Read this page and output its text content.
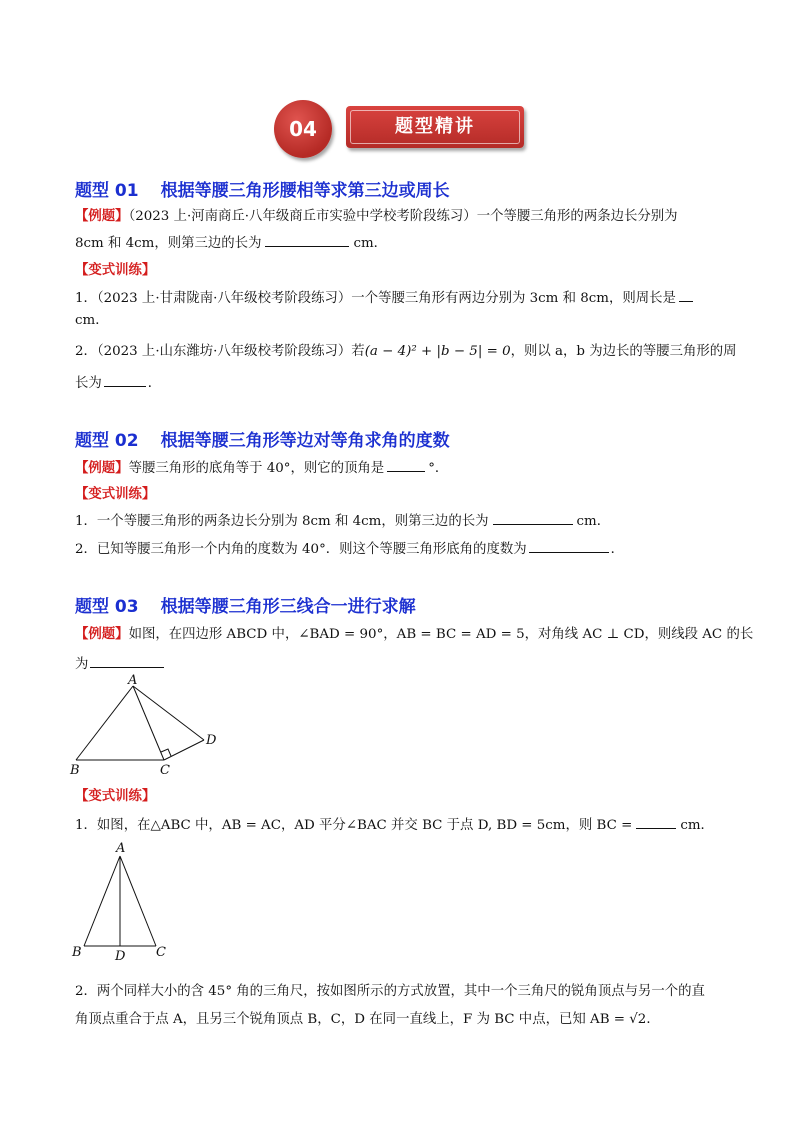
04	题型精讲
题型 01 根据等腰三角形腰相等求第三边或周长
【例题】（2023 上·河南商丘·八年级商丘市实验中学校考阶段练习）一个等腰三角形的两条边长分别为
8cm 和 4cm，则第三边的长为	cm．
【变式训练】
1．（2023 上·甘肃陇南·八年级校考阶段练习）一个等腰三角形有两边分别为 3cm 和 8cm，则周长是
cm．
2．（2023 上·山东潍坊·八年级校考阶段练习）若(a − 4)² + |b − 5| = 0，则以 a，b 为边长的等腰三角形的周
长为	．
题型 02 根据等腰三角形等边对等角求角的度数
【例题】等腰三角形的底角等于 40°，则它的顶角是	°．
【变式训练】
1．一个等腰三角形的两条边长分别为 8cm 和 4cm，则第三边的长为	cm．
2．已知等腰三角形一个内角的度数为 40°．则这个等腰三角形底角的度数为	．
题型 03 根据等腰三角形三线合一进行求解
【例题】如图，在四边形 ABCD 中，∠BAD = 90°，AB = BC = AD = 5，对角线 AC ⊥ CD，则线段 AC 的长
为
A
B	C
D
【变式训练】
1．如图，在△ABC 中，AB = AC，AD 平分∠BAC 并交 BC 于点 D, BD = 5cm，则 BC =	cm．
A
B	D C
2．两个同样大小的含 45° 角的三角尺，按如图所示的方式放置，其中一个三角尺的锐角顶点与另一个的直
角顶点重合于点 A，且另三个锐角顶点 B，C，D 在同一直线上，F 为 BC 中点，已知 AB = √2．
